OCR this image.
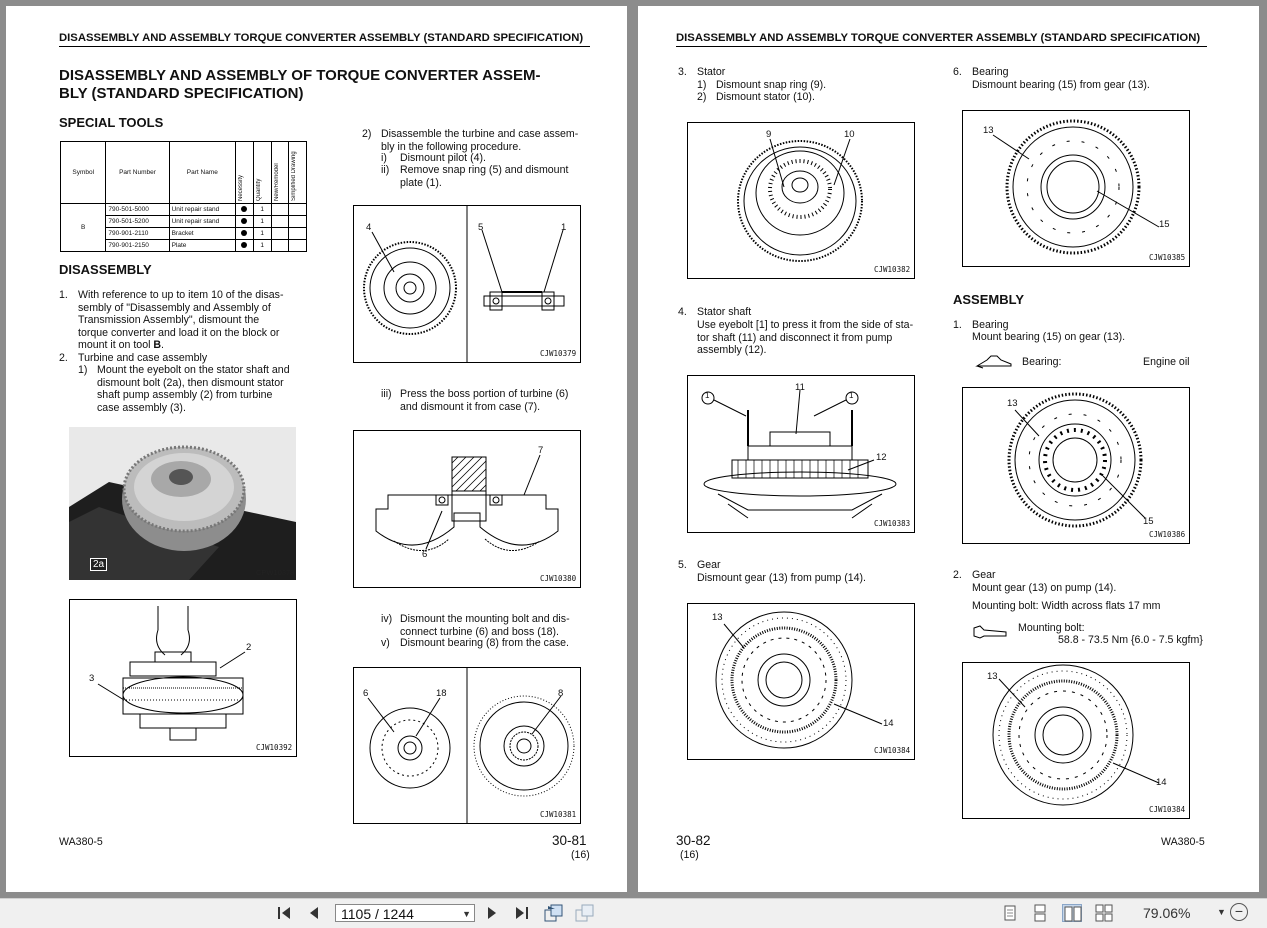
DISASSEMBLY AND ASSEMBLY TORQUE CONVERTER ASSEMBLY (STANDARD SPECIFICATION)
DISASSEMBLY AND ASSEMBLY OF TORQUE CONVERTER ASSEM-
BLY (STANDARD SPECIFICATION)
SPECIAL TOOLS
Symbol	Part Number	Part Name	Necessity	Quantity	New/Remodel	Simplified Drawing

B	790-501-5000	Unit repair stand		1		
	790-501-5200	Unit repair stand		1		
	790-901-2110	Bracket		1		
	790-901-2150	Plate		1		
DISASSEMBLY
1. With reference to up to item 10 of the disas-
sembly of "Disassembly and Assembly of
Transmission Assembly", dismount the
torque converter and load it on the block or
mount it on tool B.
2. Turbine and case assembly
1) Mount the eyebolt on the stator shaft and
dismount bolt (2a), then dismount stator
shaft pump assembly (2) from turbine
case assembly (3).
2a
CPW10378
2
3
CJW10392
2) Disassemble the turbine and case assem-
bly in the following procedure.
i) Dismount pilot (4).
ii) Remove snap ring (5) and dismount
plate (1).
4	5	1
CJW10379
iii) Press the boss portion of turbine (6)
and dismount it from case (7).
7
6
CJW10380
iv) Dismount the mounting bolt and dis-
connect turbine (6) and boss (18).
v) Dismount bearing (8) from the case.
6	18	8
CJW10381
WA380-5	30-81
(16)
DISASSEMBLY AND ASSEMBLY TORQUE CONVERTER ASSEMBLY (STANDARD SPECIFICATION)
3. Stator
1) Dismount snap ring (9).
2) Dismount stator (10).
9	10
CJW10382
4. Stator shaft
Use eyebolt [1] to press it from the side of sta-
tor shaft (11) and disconnect it from pump
assembly (12).
1	1
11
12
CJW10383
5. Gear
Dismount gear (13) from pump (14).
13
14
CJW10384
6. Bearing
Dismount bearing (15) from gear (13).
13
15
CJW10385
ASSEMBLY
1. Bearing
Mount bearing (15) on gear (13).
Bearing:	Engine oil
13
15
CJW10386
2. Gear
Mount gear (13) on pump (14).
Mounting bolt: Width across flats 17 mm
Mounting bolt:
58.8 - 73.5 Nm {6.0 - 7.5 kgfm}
13
14
CJW10384
30-82
(16)
WA380-5
1105 / 1244	▼	79.06%	▼ −
